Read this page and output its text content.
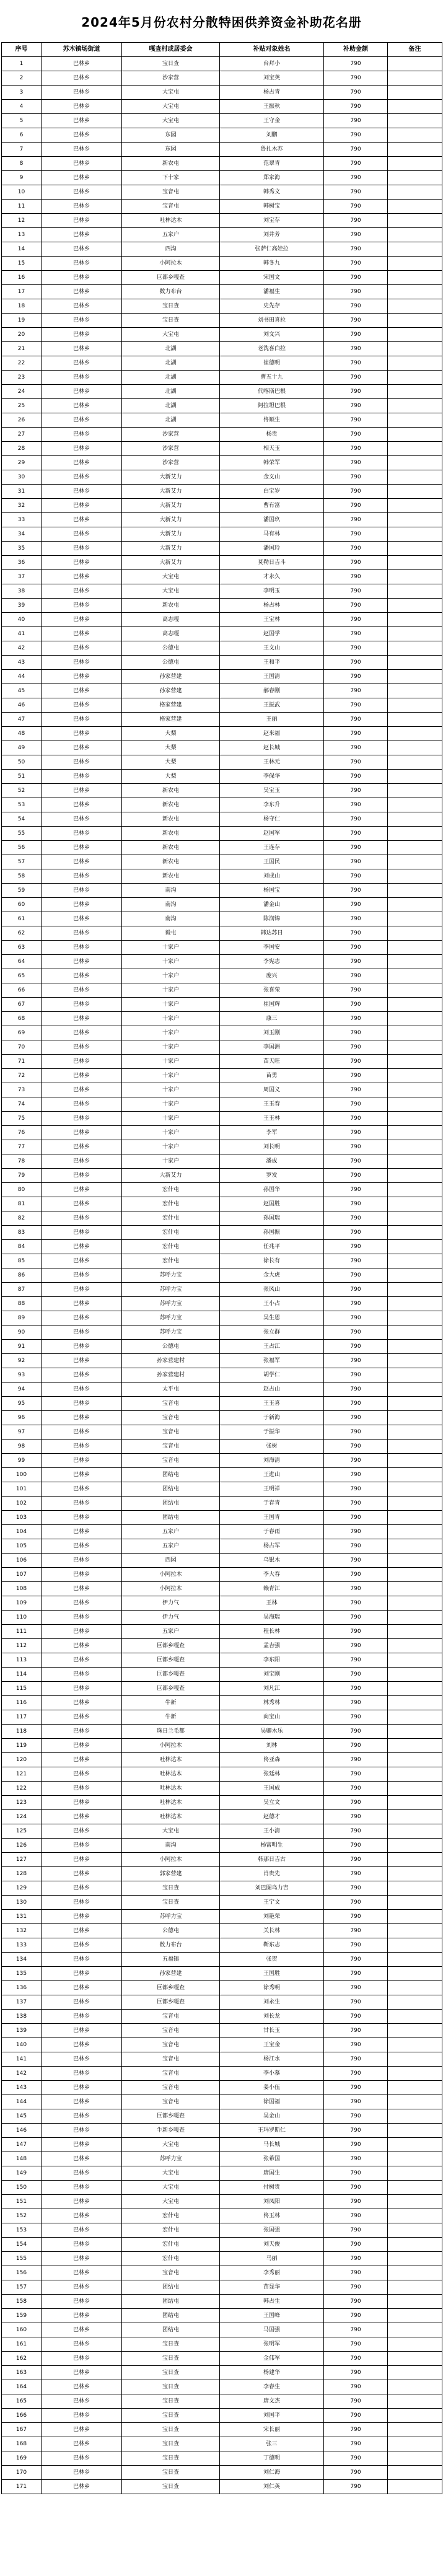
2024年5月份农村分散特困供养资金补助花名册
序号	苏木镇场街道	嘎查村或居委会	补贴对象姓名	补助金额	备注
1	巴林乡	宝日查	台拜小	790	
2	巴林乡	沙家营	刘宝英	790	
3	巴林乡	大宝屯	杨占青	790	
4	巴林乡	大宝屯	王振秋	790	
5	巴林乡	大宝屯	王守金	790	
6	巴林乡	东园	刘鹏	790	
7	巴林乡	东园	鲁扎木苏	790	
8	巴林乡	新农屯	范翠青	790	
9	巴林乡	下十家	郑家海	790	
10	巴林乡	宝音屯	韩秀文	790	
11	巴林乡	宝音屯	韩树宝	790	
12	巴林乡	吐林达木	刘宝存	790	
13	巴林乡	五家户	刘井芳	790	
14	巴林乡	西沟	张萨仁高娃拉	790	
15	巴林乡	小阿拉木	韩冬九	790	
16	巴林乡	巨都乡嘎查	宋国文	790	
17	巴林乡	数力布台	潘福生	790	
18	巴林乡	宝日查	史先存	790	
19	巴林乡	宝日查	刘书田喜拉	790	
20	巴林乡	大宝屯	刘文兴	790	
21	巴林乡	北湖	老洗喜白拉	790	
22	巴林乡	北湖	崔德明	790	
23	巴林乡	北湖	曹五十九	790	
24	巴林乡	北湖	代喀斯巴根	790	
25	巴林乡	北湖	阿拉坦巴根	790	
26	巴林乡	北湖	佟顺生	790	
27	巴林乡	沙家营	杨贵	790	
28	巴林乡	沙家营	相天玉	790	
29	巴林乡	沙家营	韩荣军	790	
30	巴林乡	大新艾力	金义山	790	
31	巴林乡	大新艾力	白宝岁	790	
32	巴林乡	大新艾力	曹有富	790	
33	巴林乡	大新艾力	潘国玖	790	
34	巴林乡	大新艾力	马有林	790	
35	巴林乡	大新艾力	潘国玲	790	
36	巴林乡	大新艾力	莫勒日吉斗	790	
37	巴林乡	大宝屯	才永久	790	
38	巴林乡	大宝屯	李明玉	790	
39	巴林乡	新农屯	杨占林	790	
40	巴林乡	高志嘎	王宝林	790	
41	巴林乡	高志嘎	赵国学	790	
42	巴林乡	公德屯	王文山	790	
43	巴林乡	公德屯	王和平	790	
44	巴林乡	孙家营建	王国清	790	
45	巴林乡	孙家营建	郝春刚	790	
46	巴林乡	格家营建	王振武	790	
47	巴林乡	格家营建	王丽	790	
48	巴林乡	大梨	赵来福	790	
49	巴林乡	大梨	赵长城	790	
50	巴林乡	大梨	王林元	790	
51	巴林乡	大梨	李保华	790	
52	巴林乡	新农屯	吴宝玉	790	
53	巴林乡	新农屯	李东升	790	
54	巴林乡	新农屯	杨守仁	790	
55	巴林乡	新农屯	赵国军	790	
56	巴林乡	新农屯	王连存	790	
57	巴林乡	新农屯	王国民	790	
58	巴林乡	新农屯	刘成山	790	
59	巴林乡	南沟	杨国宝	790	
60	巴林乡	南沟	潘金山	790	
61	巴林乡	南沟	陈润锦	790	
62	巴林乡	毅屯	韩达苏日	790	
63	巴林乡	十家户	李国安	790	
64	巴林乡	十家户	李宪志	790	
65	巴林乡	十家户	庞兴	790	
66	巴林乡	十家户	张喜荣	790	
67	巴林乡	十家户	崔国辉	790	
68	巴林乡	十家户	康三	790	
69	巴林乡	十家户	刘玉刚	790	
70	巴林乡	十家户	李国洲	790	
71	巴林乡	十家户	苗天旺	790	
72	巴林乡	十家户	苗勇	790	
73	巴林乡	十家户	周国义	790	
74	巴林乡	十家户	王玉春	790	
75	巴林乡	十家户	王玉林	790	
76	巴林乡	十家户	李军	790	
77	巴林乡	十家户	刘长明	790	
78	巴林乡	十家户	潘成	790	
79	巴林乡	大新艾力	罗发	790	
80	巴林乡	宏什屯	孙国华	790	
81	巴林乡	宏什屯	赵国胜	790	
82	巴林乡	宏什屯	孙国瑞	790	
83	巴林乡	宏什屯	孙国振	790	
84	巴林乡	宏什屯	任兆平	790	
85	巴林乡	宏什屯	徐长有	790	
86	巴林乡	苏呼力宝	金大虎	790	
87	巴林乡	苏呼力宝	张风山	790	
88	巴林乡	苏呼力宝	王小占	790	
89	巴林乡	苏呼力宝	吴生恩	790	
90	巴林乡	苏呼力宝	张立群	790	
91	巴林乡	公德屯	王占江	790	
92	巴林乡	孙家营建村	张福军	790	
93	巴林乡	孙家营建村	胡学仁	790	
94	巴林乡	太平屯	赵占山	790	
95	巴林乡	宝音屯	王玉喜	790	
96	巴林乡	宝音屯	于新海	790	
97	巴林乡	宝音屯	于振华	790	
98	巴林乡	宝音屯	张树	790	
99	巴林乡	宝音屯	刘海清	790	
100	巴林乡	团结屯	王进山	790	
101	巴林乡	团结屯	王明祥	790	
102	巴林乡	团结屯	于春青	790	
103	巴林乡	团结屯	王国青	790	
104	巴林乡	五家户	于春雨	790	
105	巴林乡	五家户	杨占军	790	
106	巴林乡	西园	乌银木	790	
107	巴林乡	小阿拉木	李大春	790	
108	巴林乡	小阿拉木	赖青江	790	
109	巴林乡	伊力气	王林	790	
110	巴林乡	伊力气	吴海瑞	790	
111	巴林乡	五家户	程长林	790	
112	巴林乡	巨都乡嘎查	孟吉强	790	
113	巴林乡	巨都乡嘎查	李东阳	790	
114	巴林乡	巨都乡嘎查	刘宝刚	790	
115	巴林乡	巨都乡嘎查	刘凡江	790	
116	巴林乡	牛新	林秀林	790	
117	巴林乡	牛新	向宝山	790	
118	巴林乡	珠日兰毛都	吴卿木乐	790	
119	巴林乡	小阿拉木	刘林	790	
120	巴林乡	吐林达木	佟亚森	790	
121	巴林乡	吐林达木	张廷林	790	
122	巴林乡	吐林达木	王国成	790	
123	巴林乡	吐林达木	吴立文	790	
124	巴林乡	吐林达木	赵德才	790	
125	巴林乡	大宝屯	王小清	790	
126	巴林乡	南沟	杨富明生	790	
127	巴林乡	小阿拉木	韩那日吉古	790	
128	巴林乡	郭家营建	肖贵先	790	
129	巴林乡	宝日查	刘巴图乌力吉	790	
130	巴林乡	宝日查	王宁文	790	
131	巴林乡	苏呼力宝	刘艳荣	790	
132	巴林乡	公德屯	关长林	790	
133	巴林乡	数力布台	靳东志	790	
134	巴林乡	五福镇	张贺	790	
135	巴林乡	孙家营建	王国胜	790	
136	巴林乡	巨都乡嘎查	徐秀明	790	
137	巴林乡	巨都乡嘎查	刘永生	790	
138	巴林乡	宝音屯	刘长龙	790	
139	巴林乡	宝音屯	甘长玉	790	
140	巴林乡	宝音屯	王宝金	790	
141	巴林乡	宝音屯	杨江水	790	
142	巴林乡	宝音屯	李小慕	790	
143	巴林乡	宝音屯	姜小伍	790	
144	巴林乡	宝音屯	徐国福	790	
145	巴林乡	巨都乡嘎查	吴金山	790	
146	巴林乡	牛新乡嘎查	王玛罗斯仁	790	
147	巴林乡	大宝屯	马长城	790	
148	巴林乡	苏呼力宝	张希国	790	
149	巴林乡	大宝屯	唐国生	790	
150	巴林乡	大宝屯	付树贵	790	
151	巴林乡	大宝屯	刘凤阳	790	
152	巴林乡	宏什屯	佟玉林	790	
153	巴林乡	宏什屯	张国强	790	
154	巴林乡	宏什屯	刘天俊	790	
155	巴林乡	宏什屯	马丽	790	
156	巴林乡	宝音屯	李秀丽	790	
157	巴林乡	团结屯	苗显华	790	
158	巴林乡	团结屯	韩占生	790	
159	巴林乡	团结屯	王国峰	790	
160	巴林乡	团结屯	马国强	790	
161	巴林乡	宝日查	张明军	790	
162	巴林乡	宝日查	金伟军	790	
163	巴林乡	宝日查	杨建华	790	
164	巴林乡	宝日查	李春生	790	
165	巴林乡	宝日查	唐文杰	790	
166	巴林乡	宝日查	刘国平	790	
167	巴林乡	宝日查	宋长丽	790	
168	巴林乡	宝日查	张三	790	
169	巴林乡	宝日查	丁德明	790	
170	巴林乡	宝日查	刘仁海	790	
171	巴林乡	宝日查	刘仁英	790	
